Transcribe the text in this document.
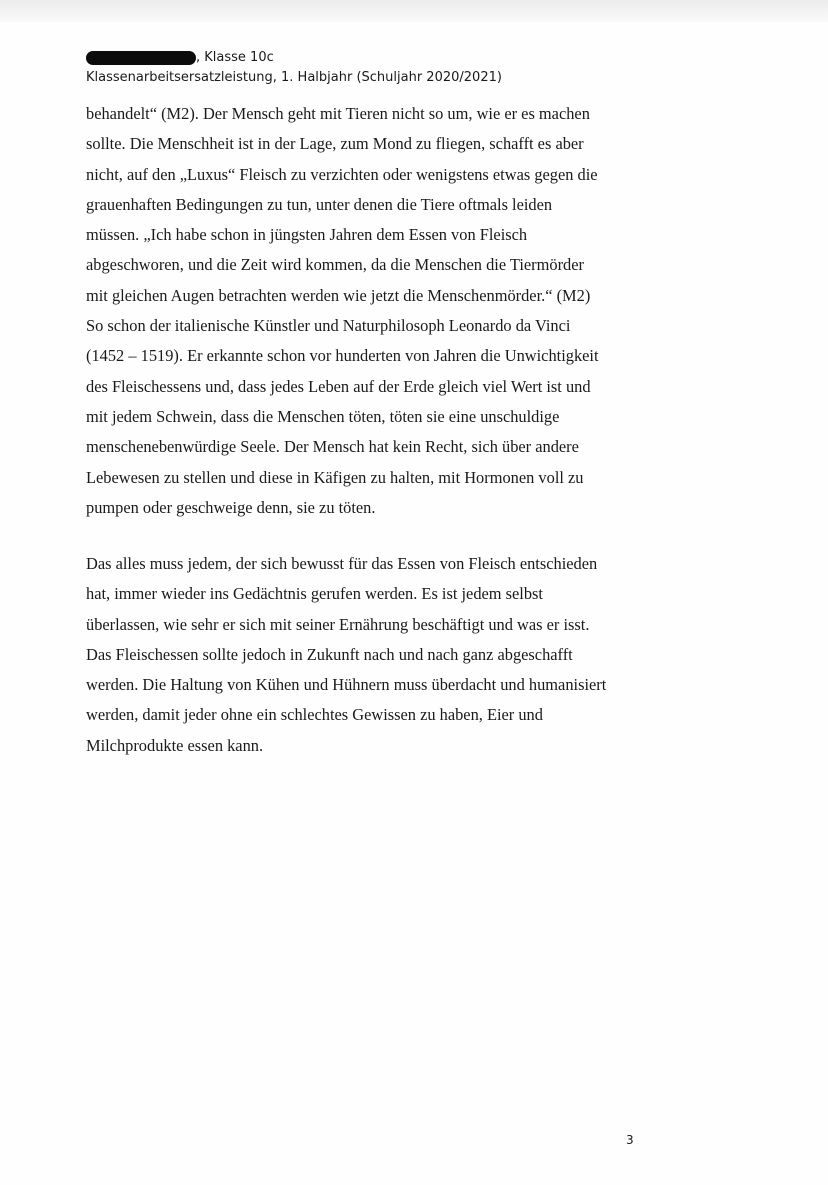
, Klasse 10c
Klassenarbeitsersatzleistung, 1. Halbjahr (Schuljahr 2020/2021)
behandelt“ (M2). Der Mensch geht mit Tieren nicht so um, wie er es machen
sollte. Die Menschheit ist in der Lage, zum Mond zu fliegen, schafft es aber
nicht, auf den „Luxus“ Fleisch zu verzichten oder wenigstens etwas gegen die
grauenhaften Bedingungen zu tun, unter denen die Tiere oftmals leiden
müssen. „Ich habe schon in jüngsten Jahren dem Essen von Fleisch
abgeschworen, und die Zeit wird kommen, da die Menschen die Tiermörder
mit gleichen Augen betrachten werden wie jetzt die Menschenmörder.“ (M2)
So schon der italienische Künstler und Naturphilosoph Leonardo da Vinci
(1452 – 1519). Er erkannte schon vor hunderten von Jahren die Unwichtigkeit
des Fleischessens und, dass jedes Leben auf der Erde gleich viel Wert ist und
mit jedem Schwein, dass die Menschen töten, töten sie eine unschuldige
menschenebenwürdige Seele. Der Mensch hat kein Recht, sich über andere
Lebewesen zu stellen und diese in Käfigen zu halten, mit Hormonen voll zu
pumpen oder geschweige denn, sie zu töten.
Das alles muss jedem, der sich bewusst für das Essen von Fleisch entschieden
hat, immer wieder ins Gedächtnis gerufen werden. Es ist jedem selbst
überlassen, wie sehr er sich mit seiner Ernährung beschäftigt und was er isst.
Das Fleischessen sollte jedoch in Zukunft nach und nach ganz abgeschafft
werden. Die Haltung von Kühen und Hühnern muss überdacht und humanisiert
werden, damit jeder ohne ein schlechtes Gewissen zu haben, Eier und
Milchprodukte essen kann.
3
